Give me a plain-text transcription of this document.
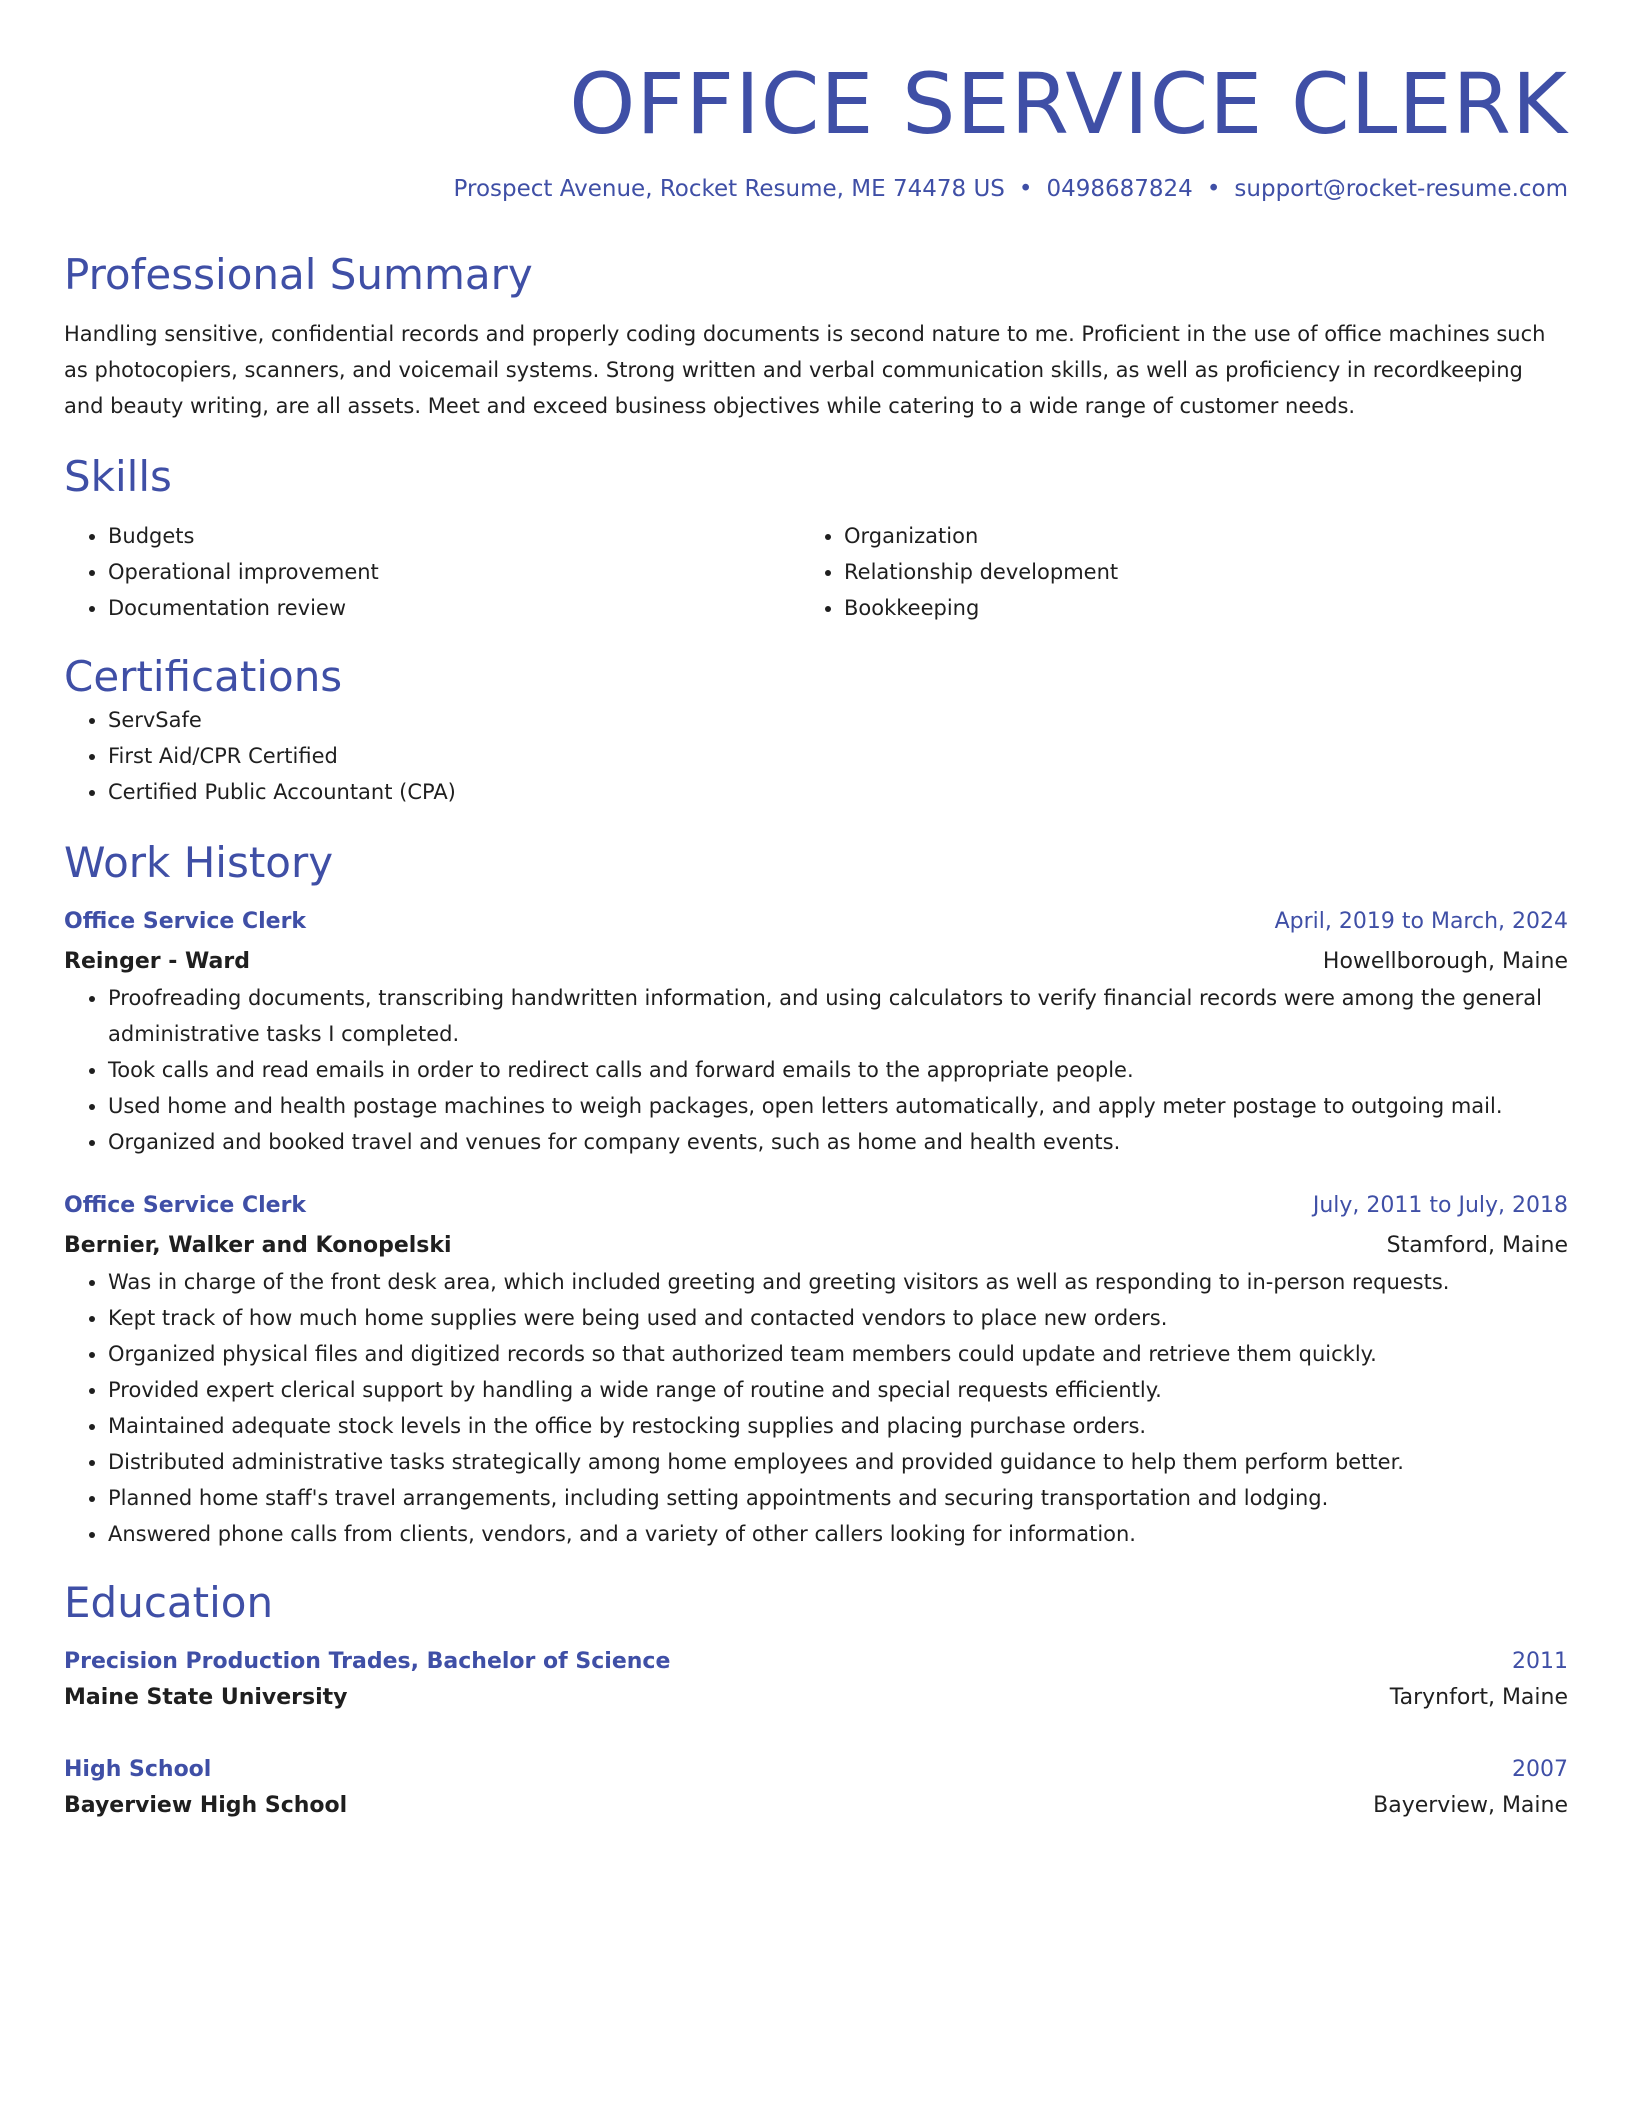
OFFICE SERVICE CLERK
Prospect Avenue, Rocket Resume, ME 74478 US • 0498687824 • support@rocket-resume.com
Professional Summary

Handling sensitive, confidential records and properly coding documents is second nature to me. Proficient in the use of office machines such as photocopiers, scanners, and voicemail systems. Strong written and verbal communication skills, as well as proficiency in recordkeeping and beauty writing, are all assets. Meet and exceed business objectives while catering to a wide range of customer needs.

Skills
• Budgets
• Operational improvement
• Documentation review
• Organization
• Relationship development
• Bookkeeping
Certifications
• ServSafe
• First Aid/CPR Certified
• Certified Public Accountant (CPA)
Work History
Office Service Clerk	April, 2019 to March, 2024
Reinger - Ward	Howellborough, Maine
• Proofreading documents, transcribing handwritten information, and using calculators to verify financial records were among the general administrative tasks I completed.
• Took calls and read emails in order to redirect calls and forward emails to the appropriate people.
• Used home and health postage machines to weigh packages, open letters automatically, and apply meter postage to outgoing mail.
• Organized and booked travel and venues for company events, such as home and health events.
Office Service Clerk	July, 2011 to July, 2018
Bernier, Walker and Konopelski	Stamford, Maine
• Was in charge of the front desk area, which included greeting and greeting visitors as well as responding to in-person requests.
• Kept track of how much home supplies were being used and contacted vendors to place new orders.
• Organized physical files and digitized records so that authorized team members could update and retrieve them quickly.
• Provided expert clerical support by handling a wide range of routine and special requests efficiently.
• Maintained adequate stock levels in the office by restocking supplies and placing purchase orders.
• Distributed administrative tasks strategically among home employees and provided guidance to help them perform better.
• Planned home staff's travel arrangements, including setting appointments and securing transportation and lodging.
• Answered phone calls from clients, vendors, and a variety of other callers looking for information.
Education
Precision Production Trades, Bachelor of Science	2011
Maine State University	Tarynfort, Maine
High School	2007
Bayerview High School	Bayerview, Maine
